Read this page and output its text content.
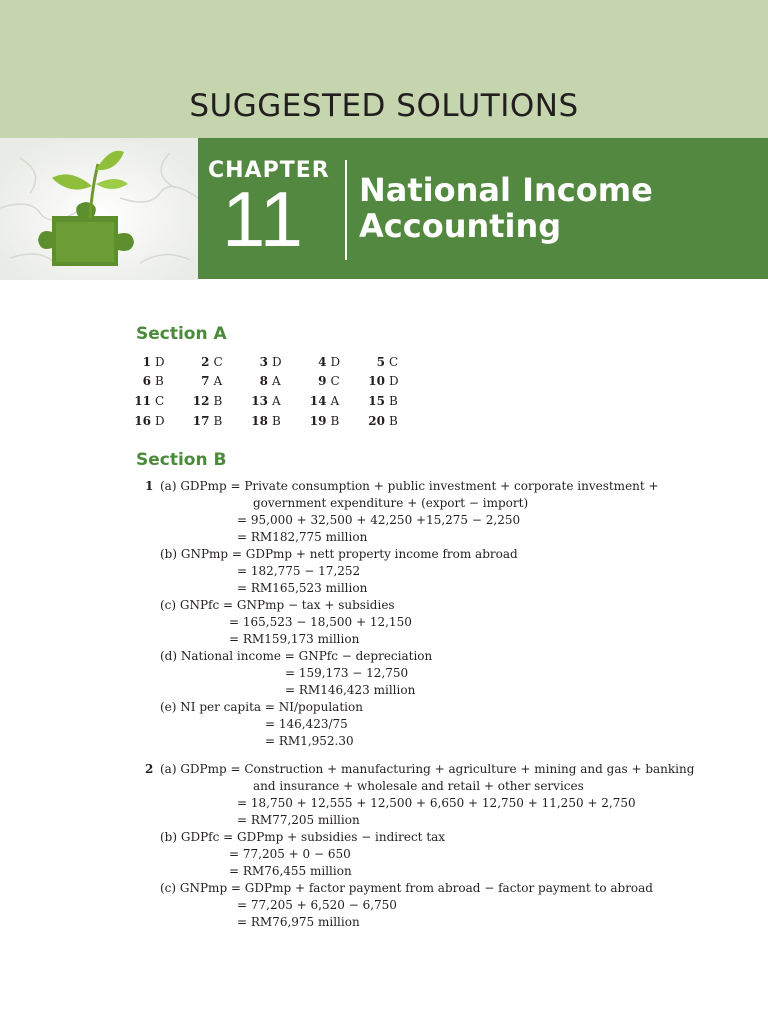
SUGGESTED SOLUTIONS
CHAPTER
11 National Income
Accounting
Section A
1 D	2 C	3 D	4 D	5 C
6 B	7 A	8 A	9 C	10 D
11 C	12 B	13 A	14 A	15 B
16 D	17 B	18 B	19 B	20 B
Section B
1 (a) GDPmp = Private consumption + public investment + corporate investment +
government expenditure + (export − import)
= 95,000 + 32,500 + 42,250 +15,275 − 2,250
= RM182,775 million
(b) GNPmp = GDPmp + nett property income from abroad
= 182,775 − 17,252
= RM165,523 million
(c) GNPfc = GNPmp − tax + subsidies
= 165,523 − 18,500 + 12,150
= RM159,173 million
(d) National income = GNPfc − depreciation
= 159,173 − 12,750
= RM146,423 million
(e) NI per capita = NI/population
= 146,423/75
= RM1,952.30
2 (a) GDPmp = Construction + manufacturing + agriculture + mining and gas + banking
and insurance + wholesale and retail + other services
= 18,750 + 12,555 + 12,500 + 6,650 + 12,750 + 11,250 + 2,750
= RM77,205 million
(b) GDPfc = GDPmp + subsidies − indirect tax
= 77,205 + 0 − 650
= RM76,455 million
(c) GNPmp = GDPmp + factor payment from abroad − factor payment to abroad
= 77,205 + 6,520 − 6,750
= RM76,975 million
